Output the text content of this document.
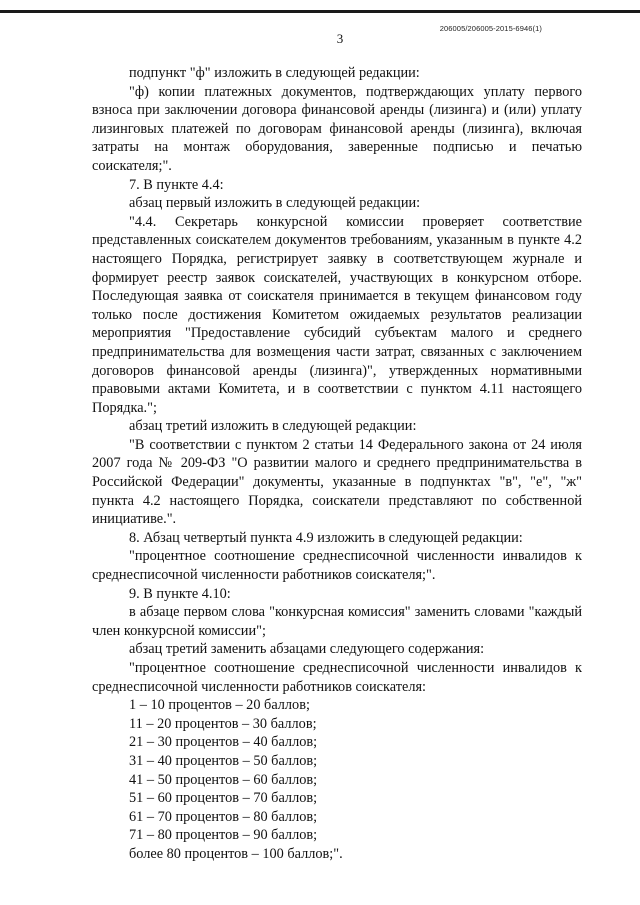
206005/206005-2015-6946(1)
3

подпункт "ф" изложить в следующей редакции:

"ф) копии платежных документов, подтверждающих уплату первого взноса при заключении договора финансовой аренды (лизинга) и (или) уплату лизинговых платежей по договорам финансовой аренды (лизинга), включая затраты на монтаж оборудования, заверенные подписью и печатью соискателя;".

7. В пункте 4.4:

абзац первый изложить в следующей редакции:

"4.4. Секретарь конкурсной комиссии проверяет соответствие представленных соискателем документов требованиям, указанным в пункте 4.2 настоящего Порядка, регистрирует заявку в соответствующем журнале и формирует реестр заявок соискателей, участвующих в конкурсном отборе. Последующая заявка от соискателя принимается в текущем финансовом году только после достижения Комитетом ожидаемых результатов реализации мероприятия "Предоставление субсидий субъектам малого и среднего предпринимательства для возмещения части затрат, связанных с заключением договоров финансовой аренды (лизинга)", утвержденных нормативными правовыми актами Комитета, и в соответствии с пунктом 4.11 настоящего Порядка.";

абзац третий изложить в следующей редакции:

"В соответствии с пунктом 2 статьи 14 Федерального закона от 24 июля 2007 года № 209-ФЗ "О развитии малого и среднего предпринимательства в Российской Федерации" документы, указанные в подпунктах "в", "е", "ж" пункта 4.2 настоящего Порядка, соискатели представляют по собственной инициативе.".

8. Абзац четвертый пункта 4.9 изложить в следующей редакции:

"процентное соотношение среднесписочной численности инвалидов к среднесписочной численности работников соискателя;".

9. В пункте 4.10:

в абзаце первом слова "конкурсная комиссия" заменить словами "каждый член конкурсной комиссии";

абзац третий заменить абзацами следующего содержания:

"процентное соотношение среднесписочной численности инвалидов к среднесписочной численности работников соискателя:

1 – 10 процентов – 20 баллов;

11 – 20 процентов – 30 баллов;

21 – 30 процентов – 40 баллов;

31 – 40 процентов – 50 баллов;

41 – 50 процентов – 60 баллов;

51 – 60 процентов – 70 баллов;

61 – 70 процентов – 80 баллов;

71 – 80 процентов – 90 баллов;

более 80 процентов – 100 баллов;".
